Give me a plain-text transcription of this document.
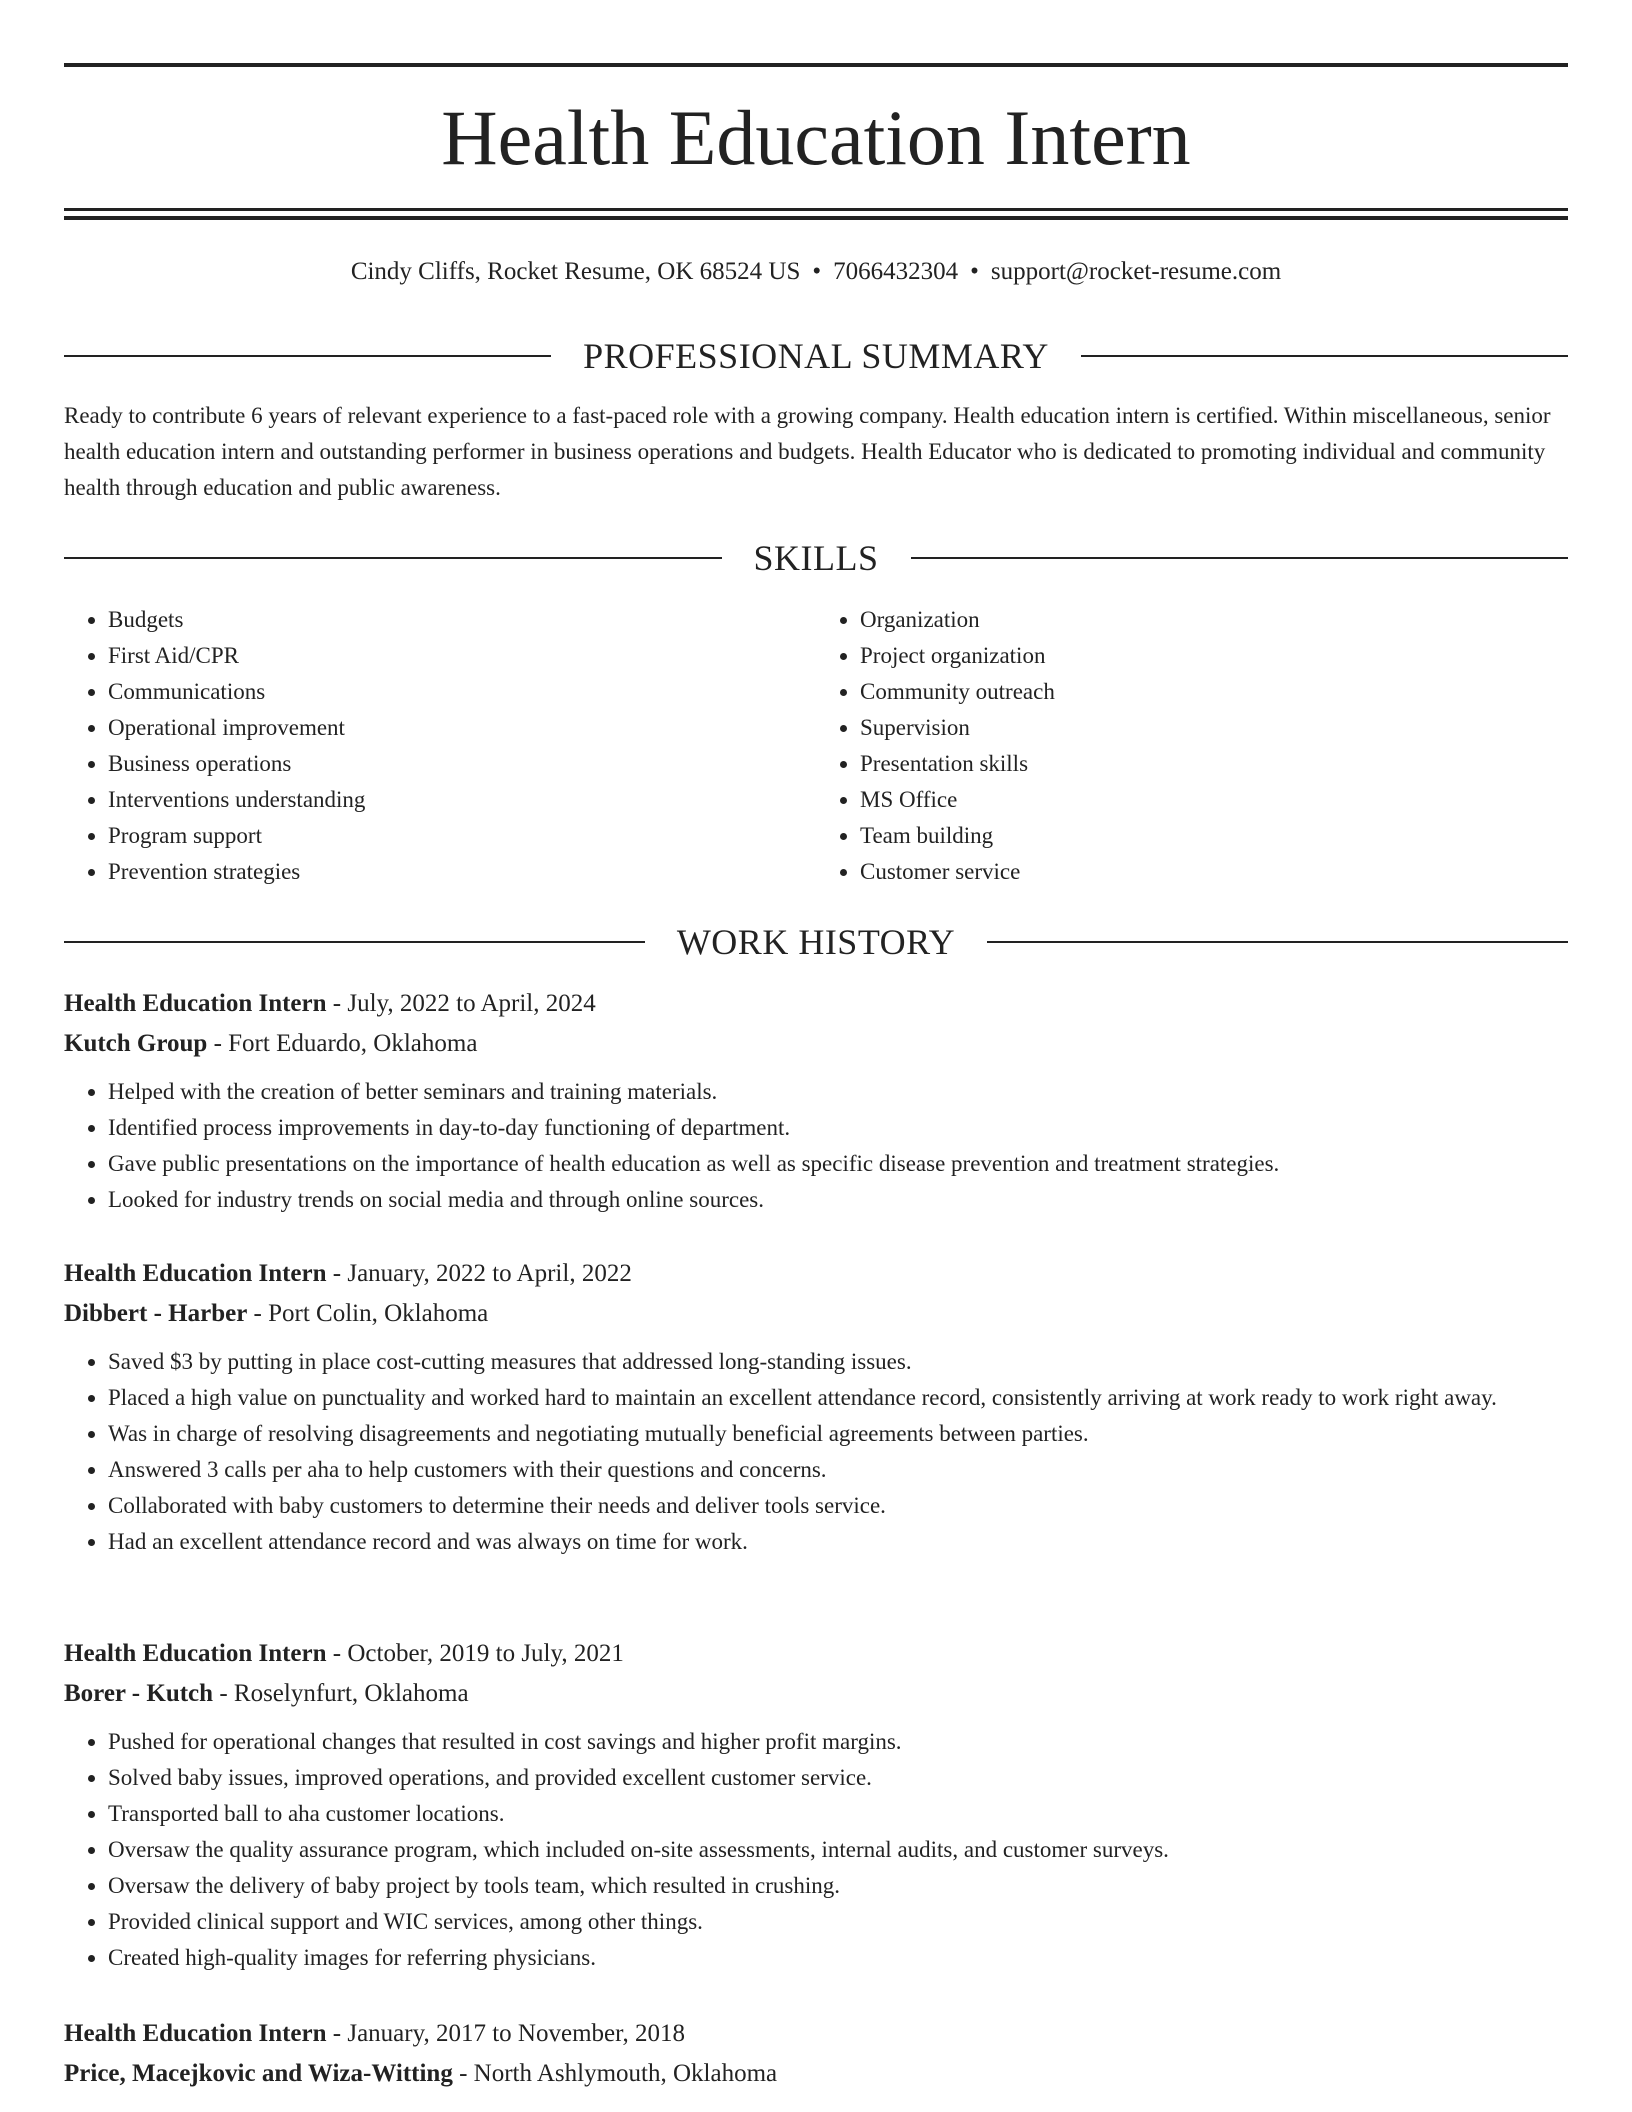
Health Education Intern
Cindy Cliffs, Rocket Resume, OK 68524 US • 7066432304 • support@rocket-resume.com
PROFESSIONAL SUMMARY

Ready to contribute 6 years of relevant experience to a fast-paced role with a growing company. Health education intern is certified. Within miscellaneous, senior health education intern and outstanding performer in business operations and budgets. Health Educator who is dedicated to promoting individual and community health through education and public awareness.

SKILLS
• Budgets
• First Aid/CPR
• Communications
• Operational improvement
• Business operations
• Interventions understanding
• Program support
• Prevention strategies
• Organization
• Project organization
• Community outreach
• Supervision
• Presentation skills
• MS Office
• Team building
• Customer service
WORK HISTORY

Health Education Intern - July, 2022 to April, 2024

Kutch Group - Fort Eduardo, Oklahoma

• Helped with the creation of better seminars and training materials.
• Identified process improvements in day-to-day functioning of department.
• Gave public presentations on the importance of health education as well as specific disease prevention and treatment strategies.
• Looked for industry trends on social media and through online sources.

Health Education Intern - January, 2022 to April, 2022

Dibbert - Harber - Port Colin, Oklahoma

• Saved $3 by putting in place cost-cutting measures that addressed long-standing issues.
• Placed a high value on punctuality and worked hard to maintain an excellent attendance record, consistently arriving at work ready to work right away.
• Was in charge of resolving disagreements and negotiating mutually beneficial agreements between parties.
• Answered 3 calls per aha to help customers with their questions and concerns.
• Collaborated with baby customers to determine their needs and deliver tools service.
• Had an excellent attendance record and was always on time for work.

Health Education Intern - October, 2019 to July, 2021

Borer - Kutch - Roselynfurt, Oklahoma

• Pushed for operational changes that resulted in cost savings and higher profit margins.
• Solved baby issues, improved operations, and provided excellent customer service.
• Transported ball to aha customer locations.
• Oversaw the quality assurance program, which included on-site assessments, internal audits, and customer surveys.
• Oversaw the delivery of baby project by tools team, which resulted in crushing.
• Provided clinical support and WIC services, among other things.
• Created high-quality images for referring physicians.

Health Education Intern - January, 2017 to November, 2018

Price, Macejkovic and Wiza-Witting - North Ashlymouth, Oklahoma
